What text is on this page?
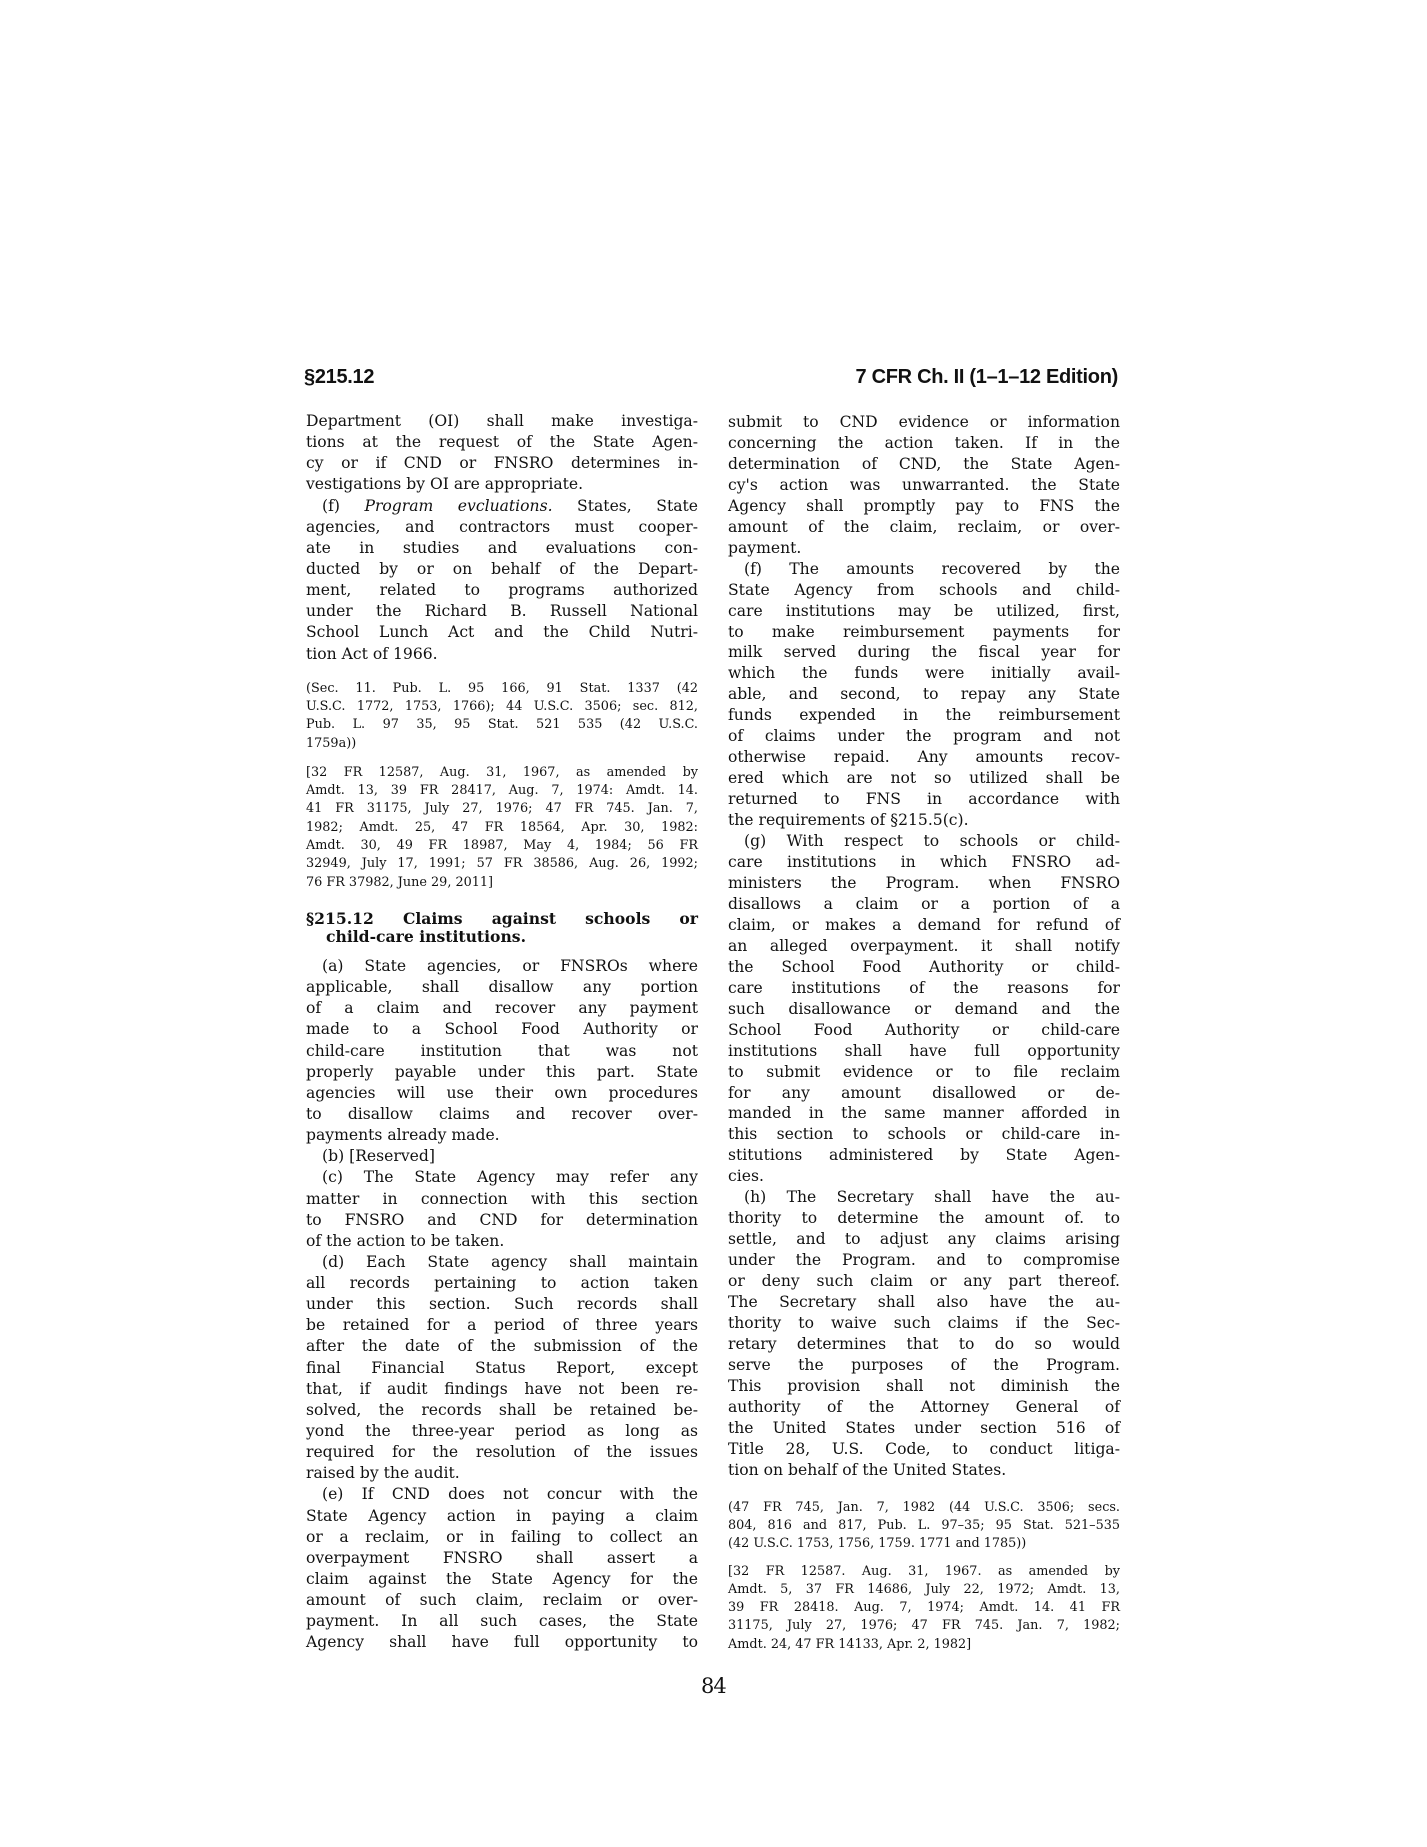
§215.12	7 CFR Ch. II (1–1–12 Edition)
Department (OI) shall make investiga-
tions at the request of the State Agen-
cy or if CND or FNSRO determines in-
vestigations by OI are appropriate.
(f) Program evcluations. States, State
agencies, and contractors must cooper-
ate in studies and evaluations con-
ducted by or on behalf of the Depart-
ment, related to programs authorized
under the Richard B. Russell National
School Lunch Act and the Child Nutri-
tion Act of 1966.
(Sec. 11. Pub. L. 95 166, 91 Stat. 1337 (42
U.S.C. 1772, 1753, 1766); 44 U.S.C. 3506; sec. 812,
Pub. L. 97 35, 95 Stat. 521 535 (42 U.S.C.
1759a))
[32 FR 12587, Aug. 31, 1967, as amended by
Amdt. 13, 39 FR 28417, Aug. 7, 1974: Amdt. 14.
41 FR 31175, July 27, 1976; 47 FR 745. Jan. 7,
1982; Amdt. 25, 47 FR 18564, Apr. 30, 1982:
Amdt. 30, 49 FR 18987, May 4, 1984; 56 FR
32949, July 17, 1991; 57 FR 38586, Aug. 26, 1992;
76 FR 37982, June 29, 2011]
§215.12 Claims against schools or
child-care institutions.
(a) State agencies, or FNSROs where
applicable, shall disallow any portion
of a claim and recover any payment
made to a School Food Authority or
child-care institution that was not
properly payable under this part. State
agencies will use their own procedures
to disallow claims and recover over-
payments already made.
(b) [Reserved]
(c) The State Agency may refer any
matter in connection with this section
to FNSRO and CND for determination
of the action to be taken.
(d) Each State agency shall maintain
all records pertaining to action taken
under this section. Such records shall
be retained for a period of three years
after the date of the submission of the
final Financial Status Report, except
that, if audit findings have not been re-
solved, the records shall be retained be-
yond the three-year period as long as
required for the resolution of the issues
raised by the audit.
(e) If CND does not concur with the
State Agency action in paying a claim
or a reclaim, or in failing to collect an
overpayment FNSRO shall assert a
claim against the State Agency for the
amount of such claim, reclaim or over-
payment. In all such cases, the State
Agency shall have full opportunity to
submit to CND evidence or information
concerning the action taken. If in the
determination of CND, the State Agen-
cy's action was unwarranted. the State
Agency shall promptly pay to FNS the
amount of the claim, reclaim, or over-
payment.
(f) The amounts recovered by the
State Agency from schools and child-
care institutions may be utilized, first,
to make reimbursement payments for
milk served during the fiscal year for
which the funds were initially avail-
able, and second, to repay any State
funds expended in the reimbursement
of claims under the program and not
otherwise repaid. Any amounts recov-
ered which are not so utilized shall be
returned to FNS in accordance with
the requirements of §215.5(c).
(g) With respect to schools or child-
care institutions in which FNSRO ad-
ministers the Program. when FNSRO
disallows a claim or a portion of a
claim, or makes a demand for refund of
an alleged overpayment. it shall notify
the School Food Authority or child-
care institutions of the reasons for
such disallowance or demand and the
School Food Authority or child-care
institutions shall have full opportunity
to submit evidence or to file reclaim
for any amount disallowed or de-
manded in the same manner afforded in
this section to schools or child-care in-
stitutions administered by State Agen-
cies.
(h) The Secretary shall have the au-
thority to determine the amount of. to
settle, and to adjust any claims arising
under the Program. and to compromise
or deny such claim or any part thereof.
The Secretary shall also have the au-
thority to waive such claims if the Sec-
retary determines that to do so would
serve the purposes of the Program.
This provision shall not diminish the
authority of the Attorney General of
the United States under section 516 of
Title 28, U.S. Code, to conduct litiga-
tion on behalf of the United States.
(47 FR 745, Jan. 7, 1982 (44 U.S.C. 3506; secs.
804, 816 and 817, Pub. L. 97–35; 95 Stat. 521–535
(42 U.S.C. 1753, 1756, 1759. 1771 and 1785))
[32 FR 12587. Aug. 31, 1967. as amended by
Amdt. 5, 37 FR 14686, July 22, 1972; Amdt. 13,
39 FR 28418. Aug. 7, 1974; Amdt. 14. 41 FR
31175, July 27, 1976; 47 FR 745. Jan. 7, 1982;
Amdt. 24, 47 FR 14133, Apr. 2, 1982]
84
